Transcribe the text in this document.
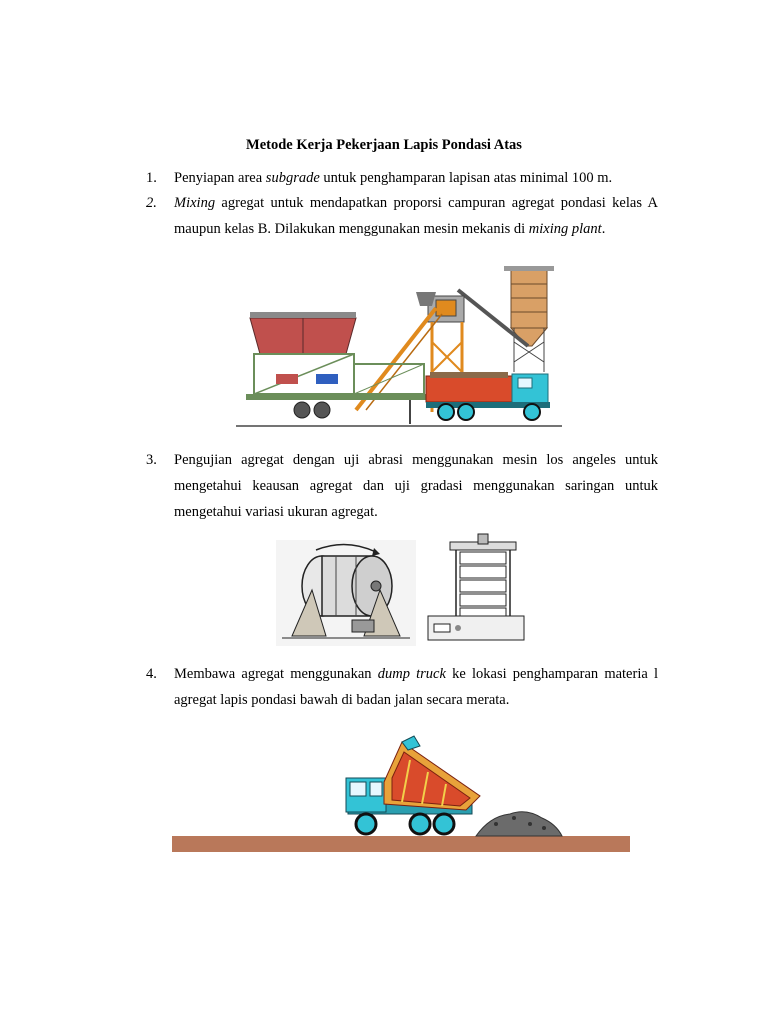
Metode Kerja Pekerjaan Lapis Pondasi Atas
1. Penyiapan area subgrade untuk penghamparan lapisan atas minimal 100 m.
2. Mixing agregat untuk mendapatkan proporsi campuran agregat pondasi kelas A maupun kelas B. Dilakukan menggunakan mesin mekanis di mixing plant.
3. Pengujian agregat dengan uji abrasi menggunakan mesin los angeles untuk mengetahui keausan agregat dan uji gradasi menggunakan saringan untuk mengetahui variasi ukuran agregat.
4. Membawa agregat menggunakan dump truck ke lokasi penghamparan materia l agregat lapis pondasi bawah di badan jalan secara merata.
